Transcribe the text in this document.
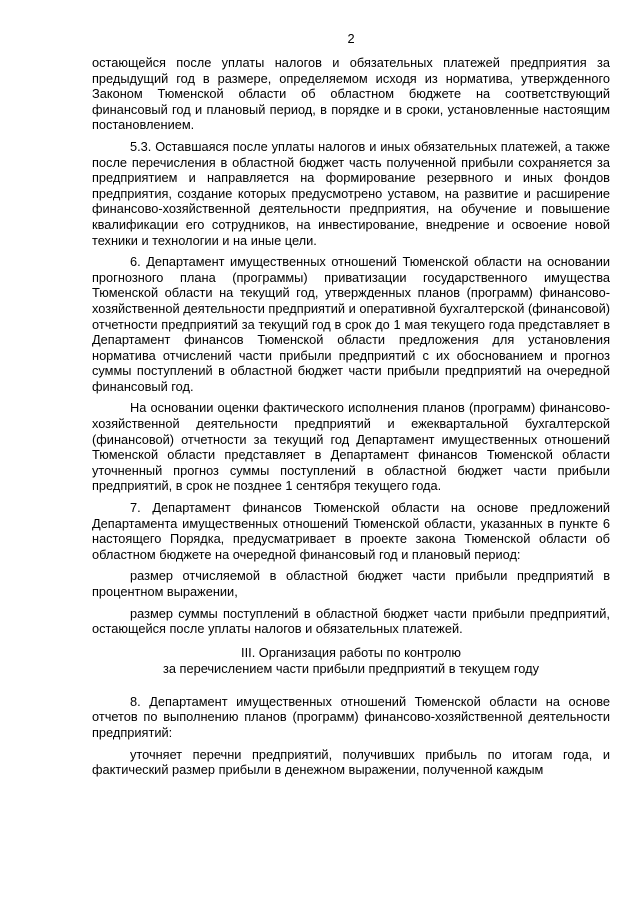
2

остающейся после уплаты налогов и обязательных платежей предприятия за предыдущий год в размере, определяемом исходя из норматива, утвержденного Законом Тюменской области об областном бюджете на соответствующий финансовый год и плановый период, в порядке и в сроки, установленные настоящим постановлением.

5.3. Оставшаяся после уплаты налогов и иных обязательных платежей, а также после перечисления в областной бюджет часть полученной прибыли сохраняется за предприятием и направляется на формирование резервного и иных фондов предприятия, создание которых предусмотрено уставом, на развитие и расширение финансово-хозяйственной деятельности предприятия, на обучение и повышение квалификации его сотрудников, на инвестирование, внедрение и освоение новой техники и технологии и на иные цели.

6. Департамент имущественных отношений Тюменской области на основании прогнозного плана (программы) приватизации государственного имущества Тюменской области на текущий год, утвержденных планов (программ) финансово-хозяйственной деятельности предприятий и оперативной бухгалтерской (финансовой) отчетности предприятий за текущий год в срок до 1 мая текущего года представляет в Департамент финансов Тюменской области предложения для установления норматива отчислений части прибыли предприятий с их обоснованием и прогноз суммы поступлений в областной бюджет части прибыли предприятий на очередной финансовый год.

На основании оценки фактического исполнения планов (программ) финансово-хозяйственной деятельности предприятий и ежеквартальной бухгалтерской (финансовой) отчетности за текущий год Департамент имущественных отношений Тюменской области представляет в Департамент финансов Тюменской области уточненный прогноз суммы поступлений в областной бюджет части прибыли предприятий, в срок не позднее 1 сентября текущего года.

7. Департамент финансов Тюменской области на основе предложений Департамента имущественных отношений Тюменской области, указанных в пункте 6 настоящего Порядка, предусматривает в проекте закона Тюменской области об областном бюджете на очередной финансовый год и плановый период:

размер отчисляемой в областной бюджет части прибыли предприятий в процентном выражении,

размер суммы поступлений в областной бюджет части прибыли предприятий, остающейся после уплаты налогов и обязательных платежей.

III. Организация работы по контролю
за перечислением части прибыли предприятий в текущем году

8. Департамент имущественных отношений Тюменской области на основе отчетов по выполнению планов (программ) финансово-хозяйственной деятельности предприятий:

уточняет перечни предприятий, получивших прибыль по итогам года, и фактический размер прибыли в денежном выражении, полученной каждым
